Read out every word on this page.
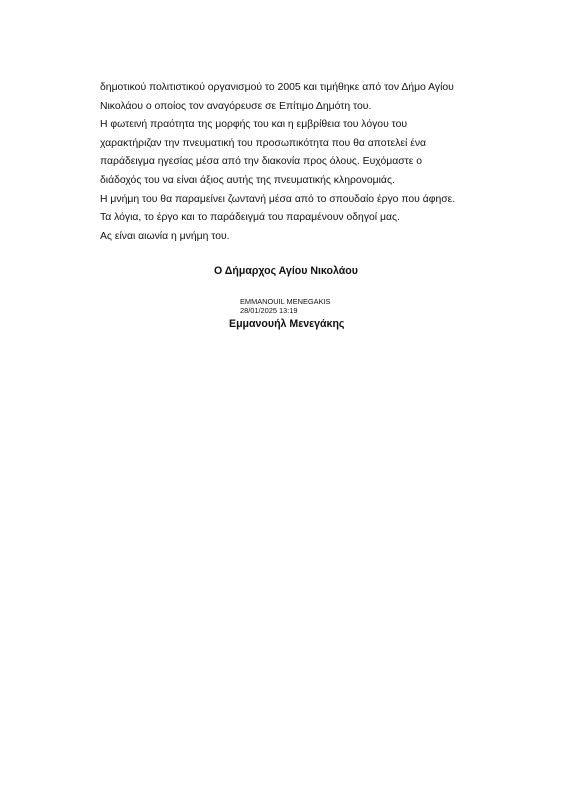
δημοτικού πολιτιστικού οργανισμού το 2005 και τιμήθηκε από τον Δήμο Αγίου
Νικολάου ο οποίος τον αναγόρευσε σε Επίτιμο Δημότη του.

Η φωτεινή πραότητα της μορφής του και η εμβρίθεια του λόγου του
χαρακτήριζαν την πνευματική του προσωπικότητα που θα αποτελεί ένα
παράδειγμα ηγεσίας μέσα από την διακονία προς όλους. Ευχόμαστε ο
διάδοχός του να είναι άξιος αυτής της πνευματικής κληρονομιάς.

Η μνήμη του θα παραμείνει ζωντανή μέσα από το σπουδαίο έργο που άφησε.

Τα λόγια, το έργο και το παράδειγμά του παραμένουν οδηγοί μας.

Ας είναι αιωνία η μνήμη του.

Ο Δήμαρχος Αγίου Νικολάου
EMMANOUIL MENEGAKIS
28/01/2025 13:19
Εμμανουήλ Μενεγάκης
